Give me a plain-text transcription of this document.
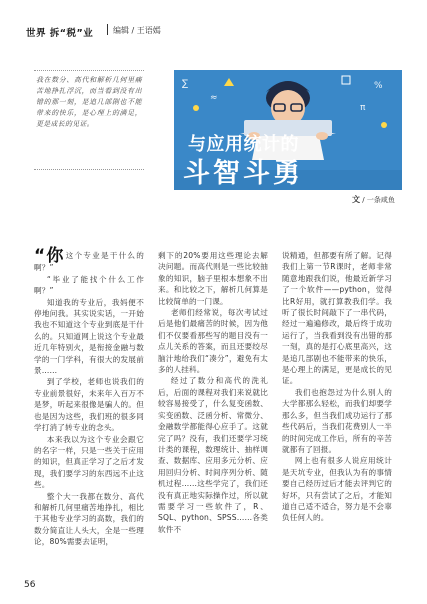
世界 拆“税”业 编辑 / 王语嫣
我在数分、高代和解析几何里痛苦地挣扎浮沉，而当看到没有出错的那一刻，是追几部剧也不能带来的快乐，是心理上的满足，更是成长的见证。
∑
≈
%
π
与应用统计的
斗智斗勇
文 / 一条咸鱼

“你这个专业是干什么的啊？”

“毕业了能找个什么工作啊？”

知道我的专业后，我妈便不停地问我。其实说实话，一开始我也不知道这个专业到底是干什么的。只知道网上说这个专业最近几年特别火，是衔接金融与数学的一门学科，有很大的发展前景……

到了学校，老师也说我们的专业前景很好，未来年入百万不是梦，听起来很像是骗人的。但也是因为这些，我们班的很多同学打消了转专业的念头。

本来我以为这个专业会跟它的名字一样，只是一些关于应用的知识，但真正学习了之后才发现，我们要学习的东西远不止这些。

整个大一我都在数分、高代和解析几何里痛苦地挣扎，相比于其他专业学习的高数，我们的数分简直让人头大，全是一些理论，80%需要去证明，

剩下的20%要用这些理论去解决问题。而高代则是一些比较抽象的知识，脑子里根本想象不出来。和比较之下，解析几何算是比较简单的一门课。

老师们经常说，每次考试过后是他们最痛苦的时候，因为他们不仅要看那些写的题目没有一点儿关系的答案，而且还要绞尽脑汁地给我们“凑分”，避免有太多的人挂科。

经过了数分和高代的洗礼后，后面的课程对我们来说就比较容易接受了，什么复变函数、实变函数、泛函分析、常微分、金融数学都能得心应手了。这就完了吗？没有，我们还要学习统计类的课程，数理统计、抽样调查、数据库、应用多元分析、应用回归分析、时间序列分析、随机过程……这些学完了，我们还没有真正地实际操作过，所以就需要学习一些软件了，R、SQL、python、SPSS……各类软件不

说精通，但都要有所了解。记得我们上第一节R课时，老师非常随意地跟我们说，他最近新学习了一个软件——python，觉得比R好用，就打算教我们学。我听了很长时间敲下了一串代码，经过一遍遍修改，最后终于成功运行了，当我看到没有出错的那一刻，真的是打心底里高兴，这是追几部剧也不能带来的快乐，是心理上的满足，更是成长的见证。

我们也抱怨过为什么别人的大学都那么轻松，而我们却要学那么多，但当我们成功运行了那些代码后，当我们花费别人一半的时间完成工作后，所有的辛苦就都有了回报。

网上也有很多人说应用统计是天坑专业，但我认为有的事情要自己经历过后才能去评判它的好坏，只有尝试了之后，才能知道自己适不适合，努力是不会辜负任何人的。

56
